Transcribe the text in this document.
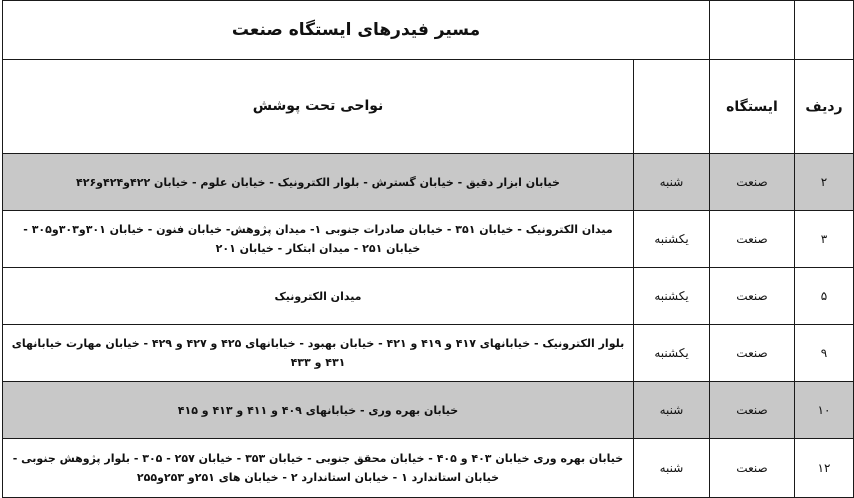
		مسیر فیدرهای ایستگاه صنعت	
ردیف	ایستگاه		نواحی تحت پوشش
۲	صنعت	شنبه	خیابان ابزار دقیق - خیابان گسترش - بلوار الکترونیک - خیابان علوم - خیابان ۴۲۲و۴۲۴و۴۲۶
۳	صنعت	یکشنبه	میدان الکترونیک - خیابان ۳۵۱ - خیابان صادرات جنوبی ۱- میدان پژوهش- خیابان فنون - خیابان ۳۰۱و۳۰۳و۳۰۵ - خیابان ۲۵۱ - میدان ابتکار - خیابان ۲۰۱
۵	صنعت	یکشنبه	میدان الکترونیک
۹	صنعت	یکشنبه	بلوار الکترونیک - خیابانهای ۴۱۷ و ۴۱۹ و ۴۲۱ - خیابان بهبود - خیابانهای ۴۲۵ و ۴۲۷ و ۴۲۹ - خیابان مهارت خیابانهای ۴۳۱ و ۴۳۳
۱۰	صنعت	شنبه	خیابان بهره وری - خیابانهای ۴۰۹ و ۴۱۱ و ۴۱۳ و ۴۱۵
۱۲	صنعت	شنبه	خیابان بهره وری خیابان ۴۰۳ و ۴۰۵ - خیابان محقق جنوبی - خیابان ۳۵۳ - خیابان ۲۵۷ - ۳۰۵ - بلوار پژوهش جنوبی - خیابان استاندارد ۱ - خیابان استاندارد ۲ - خیابان های ۲۵۱و ۲۵۳و۲۵۵
